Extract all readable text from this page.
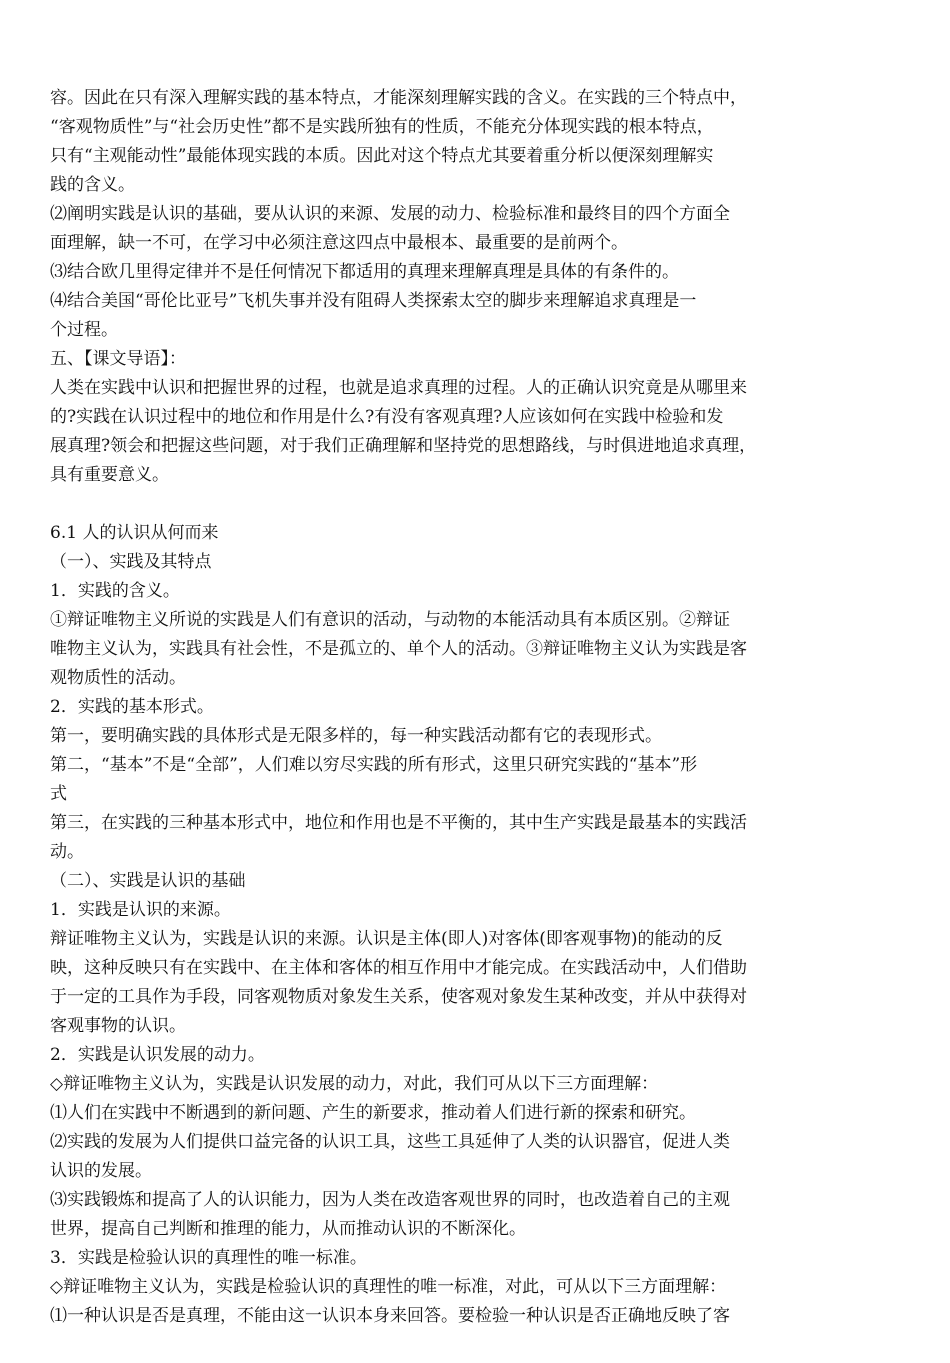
容。因此在只有深入理解实践的基本特点，才能深刻理解实践的含义。在实践的三个特点中，
“客观物质性”与“社会历史性”都不是实践所独有的性质，不能充分体现实践的根本特点，
只有“主观能动性”最能体现实践的本质。因此对这个特点尤其要着重分析以便深刻理解实
践的含义。
⑵阐明实践是认识的基础，要从认识的来源、发展的动力、检验标准和最终目的四个方面全
面理解，缺一不可，在学习中必须注意这四点中最根本、最重要的是前两个。
⑶结合欧几里得定律并不是任何情况下都适用的真理来理解真理是具体的有条件的。
⑷结合美国“哥伦比亚号”飞机失事并没有阻碍人类探索太空的脚步来理解追求真理是一
个过程。
五、【课文导语】：
人类在实践中认识和把握世界的过程，也就是追求真理的过程。人的正确认识究竟是从哪里来
的?实践在认识过程中的地位和作用是什么?有没有客观真理?人应该如何在实践中检验和发
展真理?领会和把握这些问题，对于我们正确理解和坚持党的思想路线，与时俱进地追求真理，
具有重要意义。
6.1 人的认识从何而来
（一）、实践及其特点
1．实践的含义。
①辩证唯物主义所说的实践是人们有意识的活动，与动物的本能活动具有本质区别。②辩证
唯物主义认为，实践具有社会性，不是孤立的、单个人的活动。③辩证唯物主义认为实践是客
观物质性的活动。
2．实践的基本形式。
第一，要明确实践的具体形式是无限多样的，每一种实践活动都有它的表现形式。
第二，“基本”不是“全部”，人们难以穷尽实践的所有形式，这里只研究实践的“基本”形
式
第三，在实践的三种基本形式中，地位和作用也是不平衡的，其中生产实践是最基本的实践活
动。
（二）、实践是认识的基础
1．实践是认识的来源。
辩证唯物主义认为，实践是认识的来源。认识是主体(即人)对客体(即客观事物)的能动的反
映，这种反映只有在实践中、在主体和客体的相互作用中才能完成。在实践活动中，人们借助
于一定的工具作为手段，同客观物质对象发生关系，使客观对象发生某种改变，并从中获得对
客观事物的认识。
2．实践是认识发展的动力。
◇辩证唯物主义认为，实践是认识发展的动力，对此，我们可从以下三方面理解：
⑴人们在实践中不断遇到的新问题、产生的新要求，推动着人们进行新的探索和研究。
⑵实践的发展为人们提供口益完备的认识工具，这些工具延伸了人类的认识器官，促进人类
认识的发展。
⑶实践锻炼和提高了人的认识能力，因为人类在改造客观世界的同时，也改造着自己的主观
世界，提高自己判断和推理的能力，从而推动认识的不断深化。
3．实践是检验认识的真理性的唯一标准。
◇辩证唯物主义认为，实践是检验认识的真理性的唯一标准，对此，可从以下三方面理解：
⑴一种认识是否是真理，不能由这一认识本身来回答。要检验一种认识是否正确地反映了客
